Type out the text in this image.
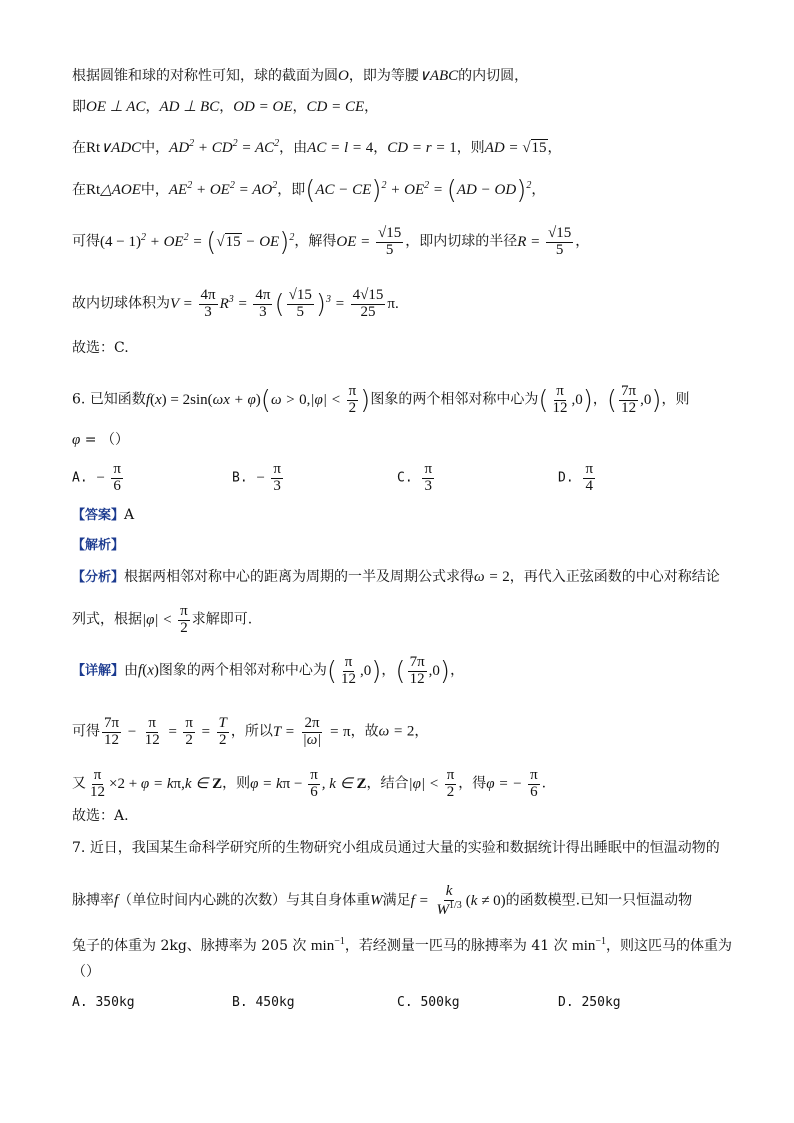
根据圆锥和球的对称性可知，球的截面为圆O，即为等腰∨ABC的内切圆，
即OE ⊥ AC，AD ⊥ BC，OD = OE，CD = CE，
在Rt∨ADC中，$AD^2 + CD^2 = AC^2$，由AC = l = 4，CD = r = 1，则AD = √15，
在Rt△AOE中，$AE^2 + OE^2 = AO^2$，即$(AC - CE)^2 + OE^2 = (AD - OD)^2$，
可得$(4 - 1)^2 + OE^2 = (√15 - OE)^2$，解得OE = $\frac{√15}{5}$ ，即内切球的半径$R = \frac{√15}{5}$ ，
故内切球体积为$V = \frac{4\pi}{3} R^3 = \frac{4\pi}{3}$ ( $\frac{√15}{5} )^3 = \frac{4√15}{25} \pi$.
故选：C.
6. 已知函数$f(x) = 2\sin(\omega x + \varphi)(\omega > 0,|\varphi| < \frac{\pi}{2}$ )图象的两个相邻对称中心为( $\frac{\pi}{12} ,0$)，( $\frac{7\pi}{12} ,0$)，则
φ = （）
A. − $\frac{\pi}{6}$	B. − $\frac{\pi}{3}$	C. $\frac{\pi}{3}$	D. $\frac{\pi}{4}$
【答案】A
【解析】
【分析】根据两相邻对称中心的距离为周期的一半及周期公式求得ω = 2，再代入正弦函数的中心对称结论
列式，根据$|\varphi| < \frac{\pi}{2}$ 求解即可.
【详解】由f(x)图象的两个相邻对称中心为( $\frac{\pi}{12} ,0$)，( $\frac{7\pi}{12} ,0$)，
可得 $\frac{7\pi}{12} - \frac{\pi}{12} = \frac{\pi}{2} = \frac{T}{2}$ ，所以$T = \frac{2\pi}{|\omega|} = \pi$，故ω = 2，
又 $\frac{\pi}{12} \times 2 + \varphi = k\pi,k$ ∈ Z，则$\varphi = k\pi - \frac{\pi}{6}$ , k ∈ Z，结合$|\varphi| < \frac{\pi}{2}$ ，得φ = − $\frac{\pi}{6}$ .
故选：A.
7. 近日，我国某生命科学研究所的生物研究小组成员通过大量的实验和数据统计得出睡眠中的恒温动物的
脉搏率f（单位时间内心跳的次数）与其自身体重W满足$f = \frac{k}{W^{1/3}} (k \ne 0)$的函数模型.已知一只恒温动物
兔子的体重为 2kg、脉搏率为 205 次 $\min^{-1}$，若经测量一匹马的脉搏率为 41 次 $\min^{-1}$，则这匹马的体重为
（）
A. 350kg	B. 450kg	C. 500kg	D. 250kg
